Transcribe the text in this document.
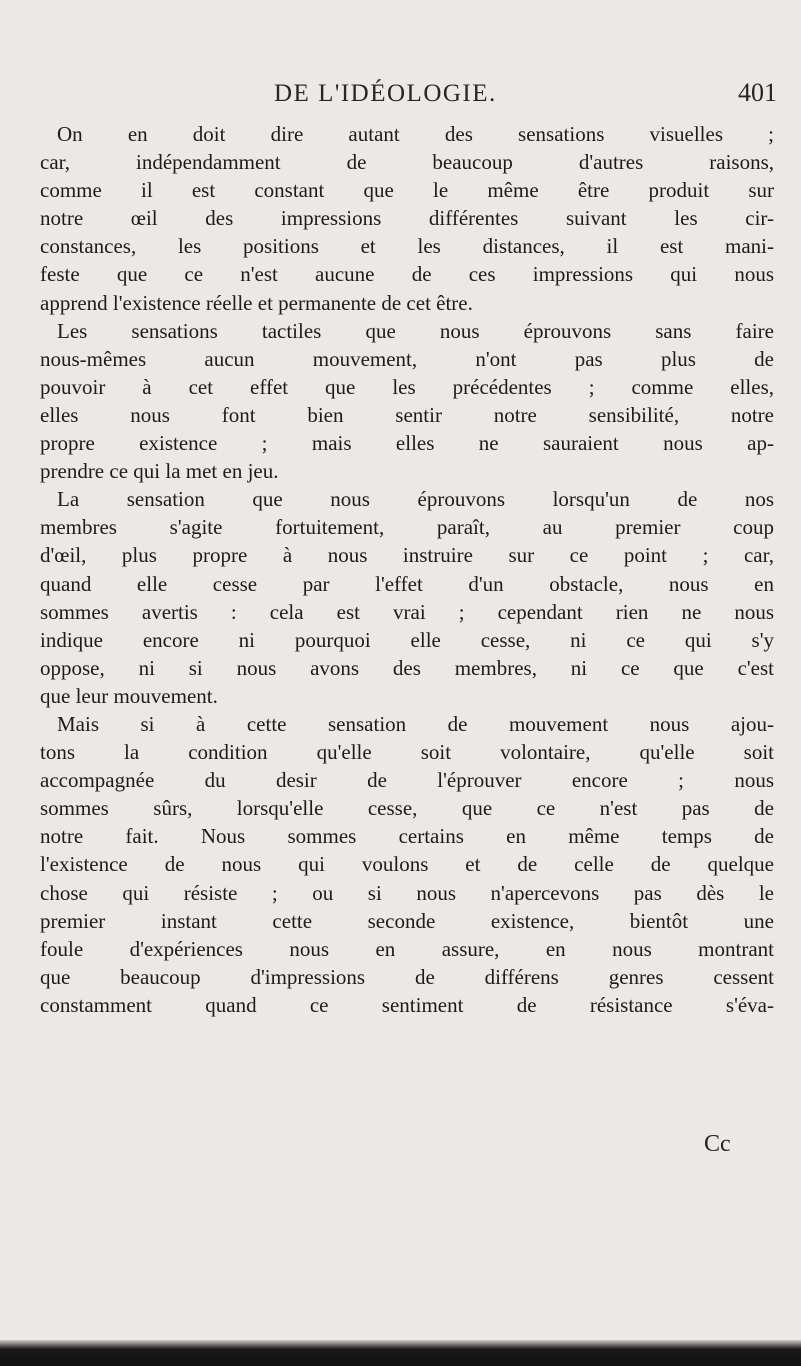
DE L'IDÉOLOGIE.	401
On en doit dire autant des sensations visuelles ;
car, indépendamment de beaucoup d'autres raisons,
comme il est constant que le même être produit sur
notre œil des impressions différentes suivant les cir-
constances, les positions et les distances, il est mani-
feste que ce n'est aucune de ces impressions qui nous
apprend l'existence réelle et permanente de cet être.
Les sensations tactiles que nous éprouvons sans faire
nous-mêmes aucun mouvement, n'ont pas plus de
pouvoir à cet effet que les précédentes ; comme elles,
elles nous font bien sentir notre sensibilité, notre
propre existence ; mais elles ne sauraient nous ap-
prendre ce qui la met en jeu.
La sensation que nous éprouvons lorsqu'un de nos
membres s'agite fortuitement, paraît, au premier coup
d'œil, plus propre à nous instruire sur ce point ; car,
quand elle cesse par l'effet d'un obstacle, nous en
sommes avertis : cela est vrai ; cependant rien ne nous
indique encore ni pourquoi elle cesse, ni ce qui s'y
oppose, ni si nous avons des membres, ni ce que c'est
que leur mouvement.
Mais si à cette sensation de mouvement nous ajou-
tons la condition qu'elle soit volontaire, qu'elle soit
accompagnée du desir de l'éprouver encore ; nous
sommes sûrs, lorsqu'elle cesse, que ce n'est pas de
notre fait. Nous sommes certains en même temps de
l'existence de nous qui voulons et de celle de quelque
chose qui résiste ; ou si nous n'apercevons pas dès le
premier instant cette seconde existence, bientôt une
foule d'expériences nous en assure, en nous montrant
que beaucoup d'impressions de différens genres cessent
constamment quand ce sentiment de résistance s'éva-
Cc
